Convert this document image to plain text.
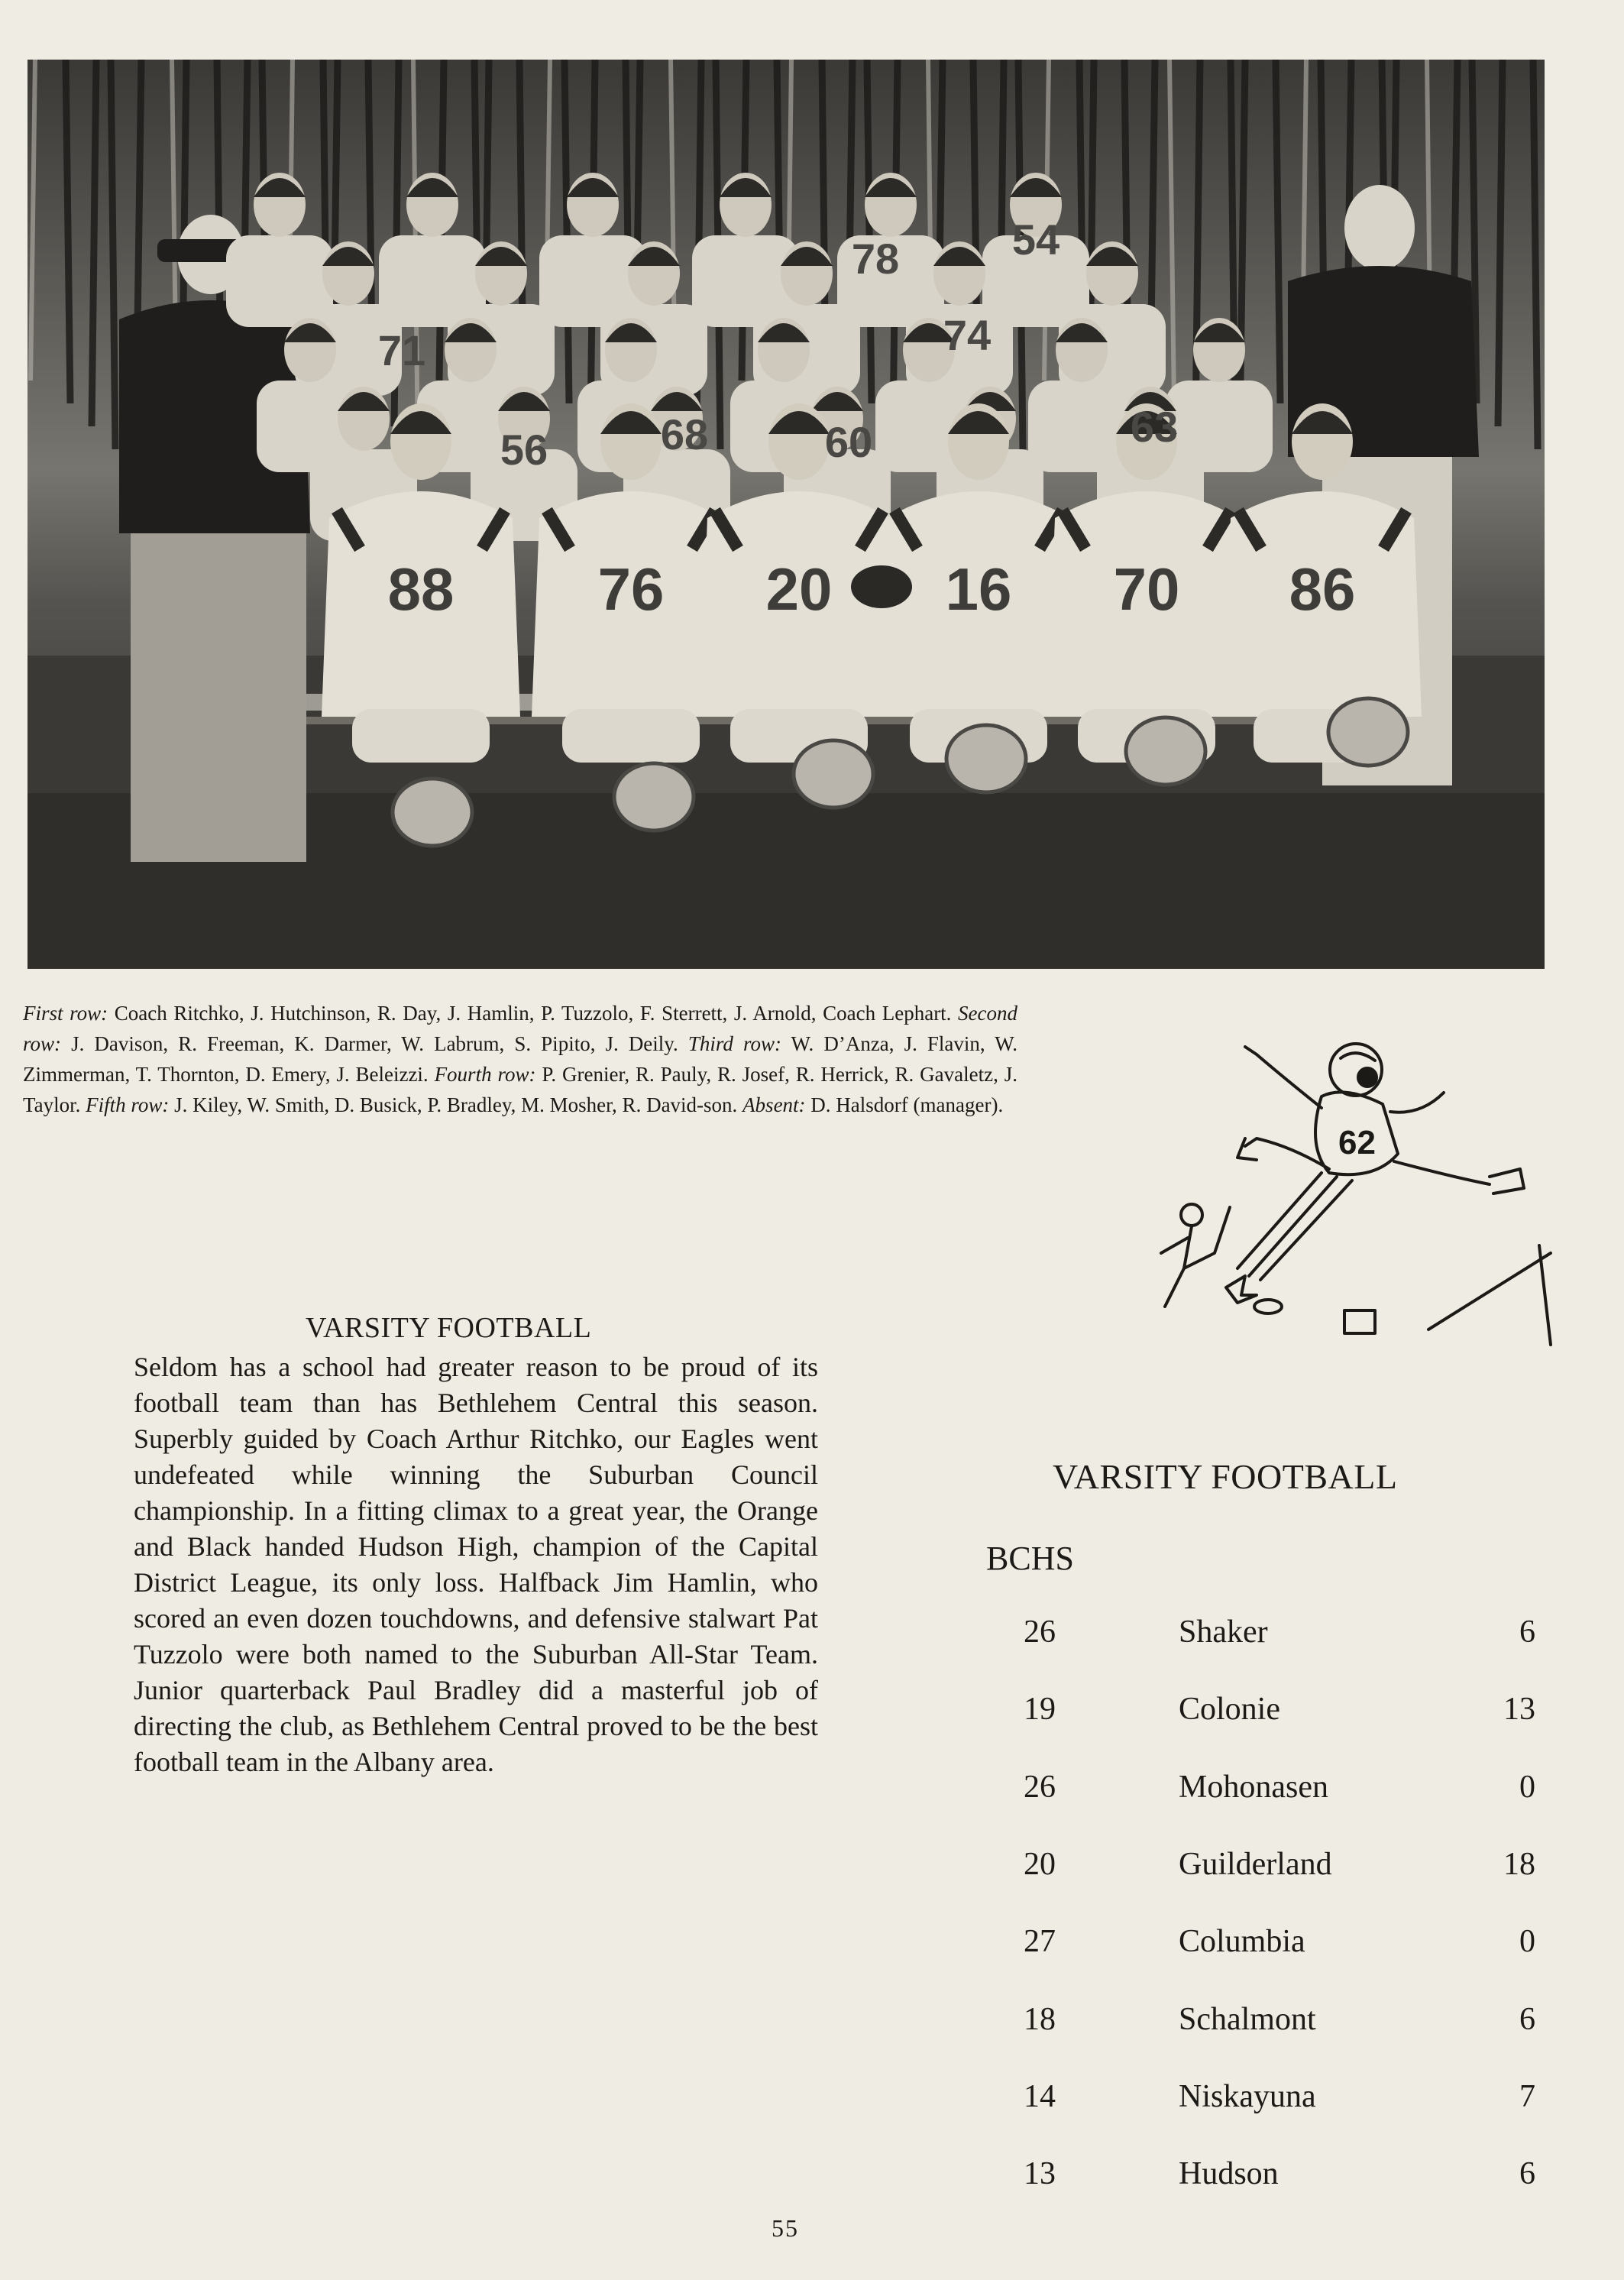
88 76 20 16 70 86
56	68	60	63
71	74
78	54
First row: Coach Ritchko, J. Hutchinson, R. Day, J. Hamlin, P. Tuzzolo, F. Sterrett, J. Arnold, Coach Lephart. Second row: J. Davison, R. Freeman, K. Darmer, W. Labrum, S. Pipito, J. Deily. Third row: W. D’Anza, J. Flavin, W. Zimmerman, T. Thornton, D. Emery, J. Beleizzi. Fourth row: P. Grenier, R. Pauly, R. Josef, R. Herrick, R. Gavaletz, J. Taylor. Fifth row: J. Kiley, W. Smith, D. Busick, P. Bradley, M. Mosher, R. David-son. Absent: D. Halsdorf (manager).
62
VARSITY FOOTBALL
Seldom has a school had greater reason to be proud of its football team than has Bethlehem Central this season. Superbly guided by Coach Arthur Ritchko, our Eagles went undefeated while winning the Suburban Council championship. In a fitting climax to a great year, the Orange and Black handed Hudson High, champion of the Capital District League, its only loss. Halfback Jim Hamlin, who scored an even dozen touchdowns, and defensive stalwart Pat Tuzzolo were both named to the Suburban All-Star Team. Junior quarterback Paul Bradley did a masterful job of directing the club, as Bethlehem Central proved to be the best football team in the Albany area.
VARSITY FOOTBALL
BCHS
26	Shaker	6
19	Colonie	13
26	Mohonasen	0
20	Guilderland	18
27	Columbia	0
18	Schalmont	6
14	Niskayuna	7
13	Hudson	6
55
